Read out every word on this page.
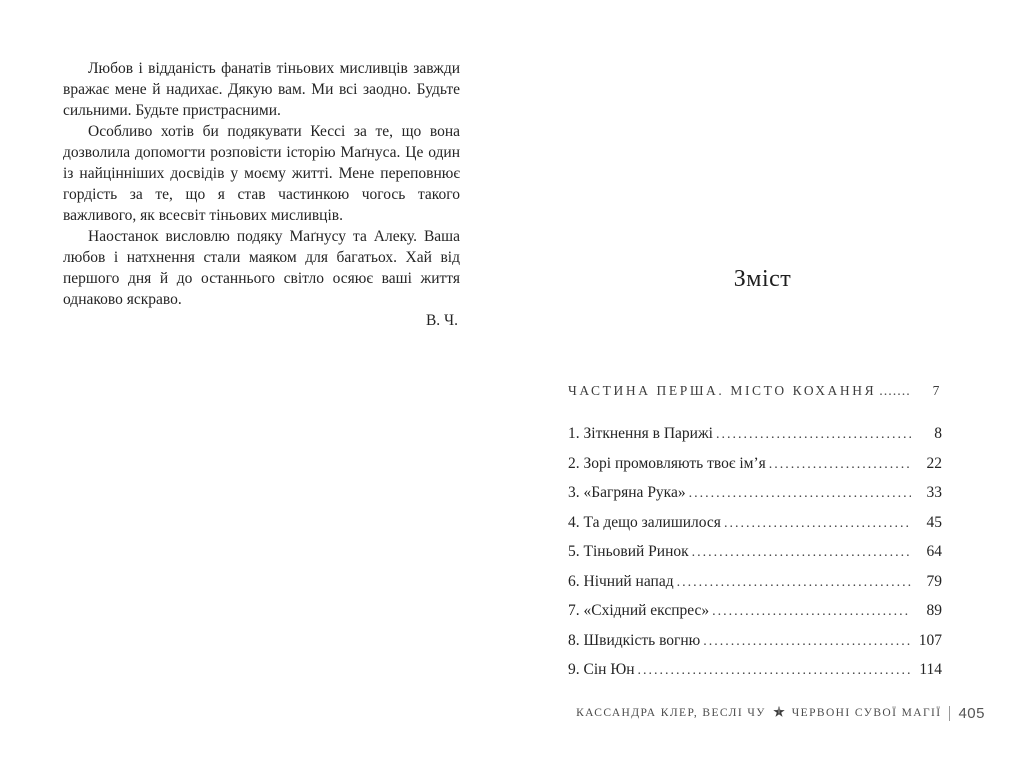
Любов і відданість фанатів тіньових мисливців завжди вражає мене й надихає. Дякую вам. Ми всі заодно. Будьте сильними. Будьте пристрасними.

Особливо хотів би подякувати Кессі за те, що вона дозволила допомогти розповісти історію Маґнуса. Це один із найцінніших досвідів у моєму житті. Мене переповнює гордість за те, що я став частинкою чогось такого важливого, як всесвіт тіньових мисливців.

Наостанок висловлю подяку Маґнусу та Алеку. Ваша любов і натхнення стали маяком для багатьох. Хай від першого дня й до останнього світло осяює ваші життя однаково яскраво.

В. Ч.

Зміст
ЧАСТИНА ПЕРША. МІСТО КОХАННЯ .....	7
1. Зіткнення в Парижі .....	8
2. Зорі промовляють твоє ім’я .....	22
3. «Багряна Рука» .....	33
4. Та дещо залишилося .....	45
5. Тіньовий Ринок .....	64
6. Нічний напад .....	79
7. «Східний експрес» .....	89
8. Швидкість вогню .....	107
9. Сін Юн .....	114
КАССАНДРА КЛЕР, ВЕСЛІ ЧУ ЧЕРВОНІ СУВОЇ МАГІЇ 405
